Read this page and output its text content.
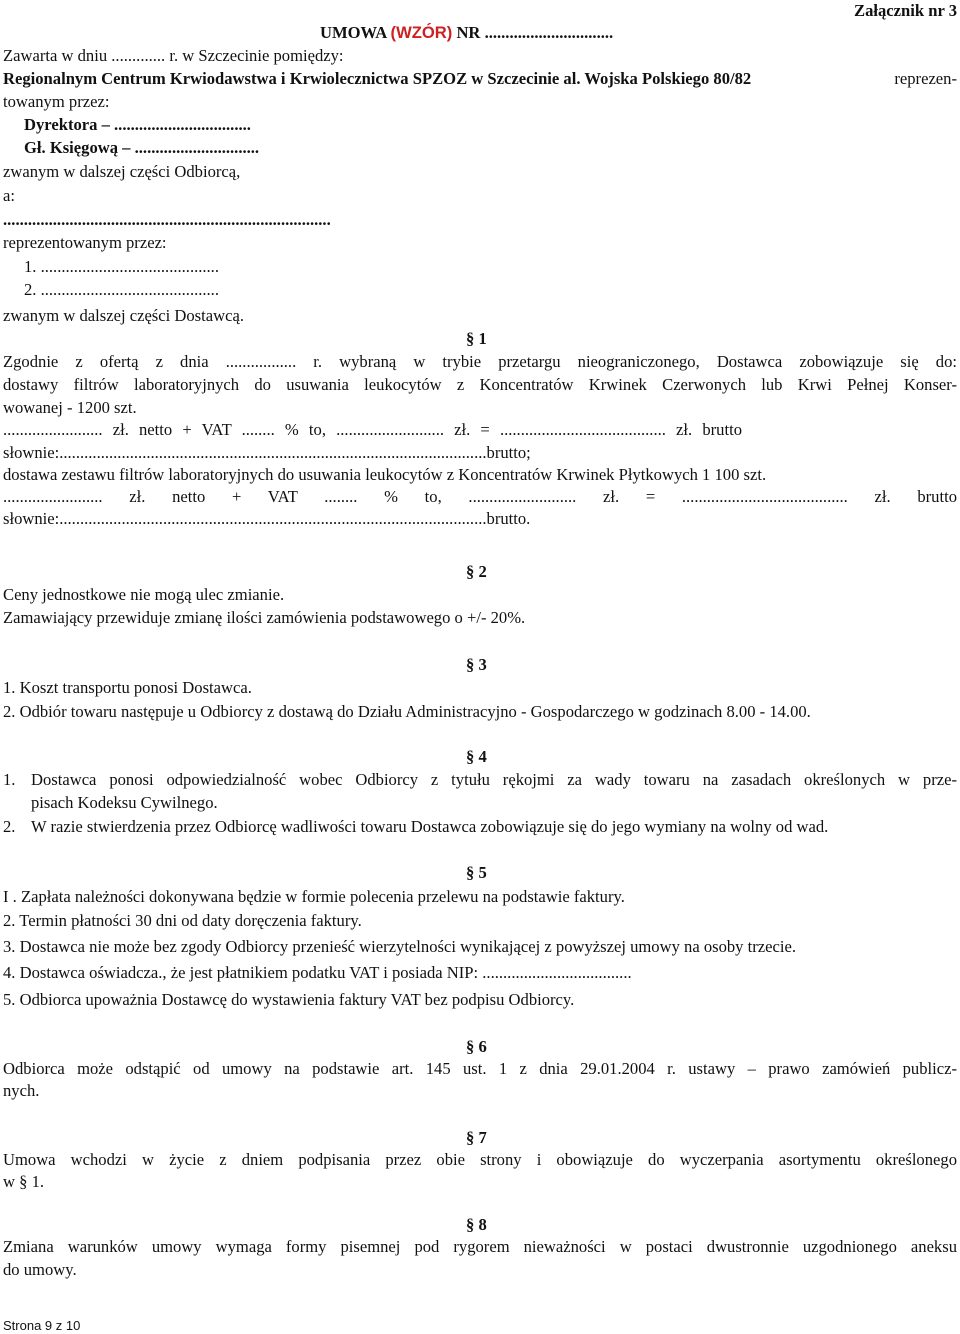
Załącznik nr 3
UMOWA (WZÓR) NR ...............................
Zawarta w dniu ............. r. w Szczecinie pomiędzy:
Regionalnym Centrum Krwiodawstwa i Krwiolecznictwa SPZOZ w Szczecinie al. Wojska Polskiego 80/82	reprezen-
towanym przez:
Dyrektora – .................................
Gł. Księgową – ..............................
zwanym w dalszej części Odbiorcą,
a:
...............................................................................
reprezentowanym przez:
1. ...........................................
2. ...........................................
zwanym w dalszej części Dostawcą.
§ 1
Zgodnie z ofertą z dnia ................. r. wybraną w trybie przetargu nieograniczonego, Dostawca zobowiązuje się do:
dostawy filtrów laboratoryjnych do usuwania leukocytów z Koncentratów Krwinek Czerwonych lub Krwi Pełnej Konser-
wowanej - 1200 szt.
........................ zł. netto + VAT ........ % to, .......................... zł. = ........................................ zł. brutto
słownie:.......................................................................................................brutto;
dostawa zestawu filtrów laboratoryjnych do usuwania leukocytów z Koncentratów Krwinek Płytkowych 1 100 szt.
........................ zł. netto + VAT ........ % to, .......................... zł. = ........................................ zł. brutto
słownie:.......................................................................................................brutto.
§ 2
Ceny jednostkowe nie mogą ulec zmianie.
Zamawiający przewiduje zmianę ilości zamówienia podstawowego o +/- 20%.
§ 3
1. Koszt transportu ponosi Dostawca.
2. Odbiór towaru następuje u Odbiorcy z dostawą do Działu Administracyjno - Gospodarczego w godzinach 8.00 - 14.00.
§ 4
1. Dostawca ponosi odpowiedzialność wobec Odbiorcy z tytułu rękojmi za wady towaru na zasadach określonych w prze-
pisach Kodeksu Cywilnego.
2. W razie stwierdzenia przez Odbiorcę wadliwości towaru Dostawca zobowiązuje się do jego wymiany na wolny od wad.
§ 5
I . Zapłata należności dokonywana będzie w formie polecenia przelewu na podstawie faktury.
2. Termin płatności 30 dni od daty doręczenia faktury.
3. Dostawca nie może bez zgody Odbiorcy przenieść wierzytelności wynikającej z powyższej umowy na osoby trzecie.
4. Dostawca oświadcza., że jest płatnikiem podatku VAT i posiada NIP: ....................................
5. Odbiorca upoważnia Dostawcę do wystawienia faktury VAT bez podpisu Odbiorcy.
§ 6
Odbiorca może odstąpić od umowy na podstawie art. 145 ust. 1 z dnia 29.01.2004 r. ustawy – prawo zamówień publicz-
nych.
§ 7
Umowa wchodzi w życie z dniem podpisania przez obie strony i obowiązuje do wyczerpania asortymentu określonego
w § 1.
§ 8
Zmiana warunków umowy wymaga formy pisemnej pod rygorem nieważności w postaci dwustronnie uzgodnionego aneksu
do umowy.
Strona 9 z 10
